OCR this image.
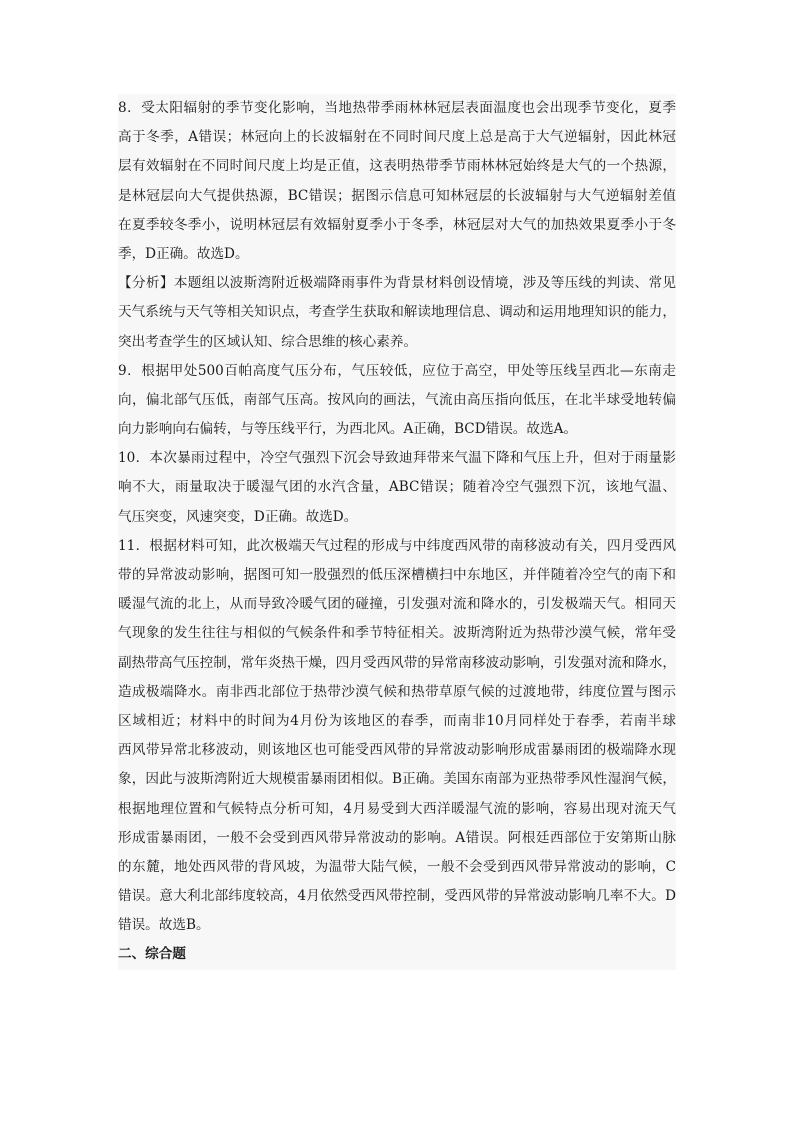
8．受太阳辐射的季节变化影响，当地热带季雨林林冠层表面温度也会出现季节变化，夏季
高于冬季，A错误；林冠向上的长波辐射在不同时间尺度上总是高于大气逆辐射，因此林冠
层有效辐射在不同时间尺度上均是正值，这表明热带季节雨林林冠始终是大气的一个热源，
是林冠层向大气提供热源，BC错误；据图示信息可知林冠层的长波辐射与大气逆辐射差值
在夏季较冬季小，说明林冠层有效辐射夏季小于冬季，林冠层对大气的加热效果夏季小于冬
季，D正确。故选D。
【分析】本题组以波斯湾附近极端降雨事件为背景材料创设情境，涉及等压线的判读、常见
天气系统与天气等相关知识点，考查学生获取和解读地理信息、调动和运用地理知识的能力，
突出考查学生的区域认知、综合思维的核心素养。
9．根据甲处500百帕高度气压分布，气压较低，应位于高空，甲处等压线呈西北—东南走
向，偏北部气压低，南部气压高。按风向的画法，气流由高压指向低压，在北半球受地转偏
向力影响向右偏转，与等压线平行，为西北风。A正确，BCD错误。故选A。
10．本次暴雨过程中，冷空气强烈下沉会导致迪拜带来气温下降和气压上升，但对于雨量影
响不大，雨量取决于暖湿气团的水汽含量，ABC错误；随着冷空气强烈下沉，该地气温、
气压突变，风速突变，D正确。故选D。
11．根据材料可知，此次极端天气过程的形成与中纬度西风带的南移波动有关，四月受西风
带的异常波动影响，据图可知一股强烈的低压深槽横扫中东地区，并伴随着冷空气的南下和
暖湿气流的北上，从而导致冷暖气团的碰撞，引发强对流和降水的，引发极端天气。相同天
气现象的发生往往与相似的气候条件和季节特征相关。波斯湾附近为热带沙漠气候，常年受
副热带高气压控制，常年炎热干燥，四月受西风带的异常南移波动影响，引发强对流和降水，
造成极端降水。南非西北部位于热带沙漠气候和热带草原气候的过渡地带，纬度位置与图示
区域相近；材料中的时间为4月份为该地区的春季，而南非10月同样处于春季，若南半球
西风带异常北移波动，则该地区也可能受西风带的异常波动影响形成雷暴雨团的极端降水现
象，因此与波斯湾附近大规模雷暴雨团相似。B正确。美国东南部为亚热带季风性湿润气候，
根据地理位置和气候特点分析可知，4月易受到大西洋暖湿气流的影响，容易出现对流天气
形成雷暴雨团，一般不会受到西风带异常波动的影响。A错误。阿根廷西部位于安第斯山脉
的东麓，地处西风带的背风坡，为温带大陆气候，一般不会受到西风带异常波动的影响，C
错误。意大利北部纬度较高，4月依然受西风带控制，受西风带的异常波动影响几率不大。D
错误。故选B。
二、综合题
